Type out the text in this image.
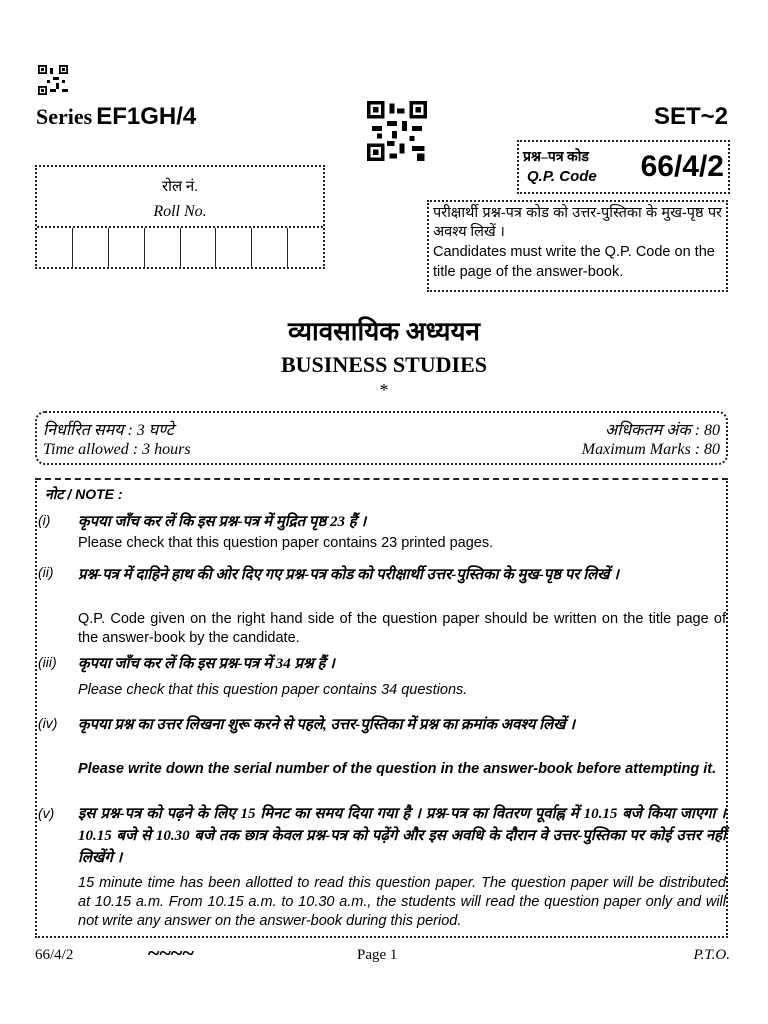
Series EF1GH/4	SET~2
प्रश्न–पत्र कोड
Q.P. Code 66/4/2
रोल नं.
Roll No.	परीक्षार्थी प्रश्न-पत्र कोड को उत्तर-पुस्तिका के मुख-पृष्ठ पर अवश्य लिखें ।
Candidates must write the Q.P. Code on the title page of the answer-book.
व्यावसायिक अध्ययन
BUSINESS STUDIES
*
निर्धारित समय : 3 घण्टे
Time allowed : 3 hours
अधिकतम अंक : 80
Maximum Marks : 80
नोट / NOTE :
(i) कृपया जाँच कर लें कि इस प्रश्न-पत्र में मुद्रित पृष्ठ 23 हैं ।
Please check that this question paper contains 23 printed pages.
(ii) प्रश्न-पत्र में दाहिने हाथ की ओर दिए गए प्रश्न-पत्र कोड को परीक्षार्थी उत्तर-पुस्तिका के मुख-पृष्ठ पर लिखें ।
Q.P. Code given on the right hand side of the question paper should be written on the title page of the answer-book by the candidate.
(iii) कृपया जाँच कर लें कि इस प्रश्न-पत्र में 34 प्रश्न हैं ।
Please check that this question paper contains 34 questions.
(iv) कृपया प्रश्न का उत्तर लिखना शुरू करने से पहले, उत्तर-पुस्तिका में प्रश्न का क्रमांक अवश्य लिखें ।
Please write down the serial number of the question in the answer-book before attempting it.
(v) इस प्रश्न-पत्र को पढ़ने के लिए 15 मिनट का समय दिया गया है । प्रश्न-पत्र का वितरण पूर्वाह्न में 10.15 बजे किया जाएगा । 10.15 बजे से 10.30 बजे तक छात्र केवल प्रश्न-पत्र को पढ़ेंगे और इस अवधि के दौरान वे उत्तर-पुस्तिका पर कोई उत्तर नहीं लिखेंगे ।
15 minute time has been allotted to read this question paper. The question paper will be distributed at 10.15 a.m. From 10.15 a.m. to 10.30 a.m., the students will read the question paper only and will not write any answer on the answer-book during this period.
66/4/2	~~~~	Page 1	P.T.O.
